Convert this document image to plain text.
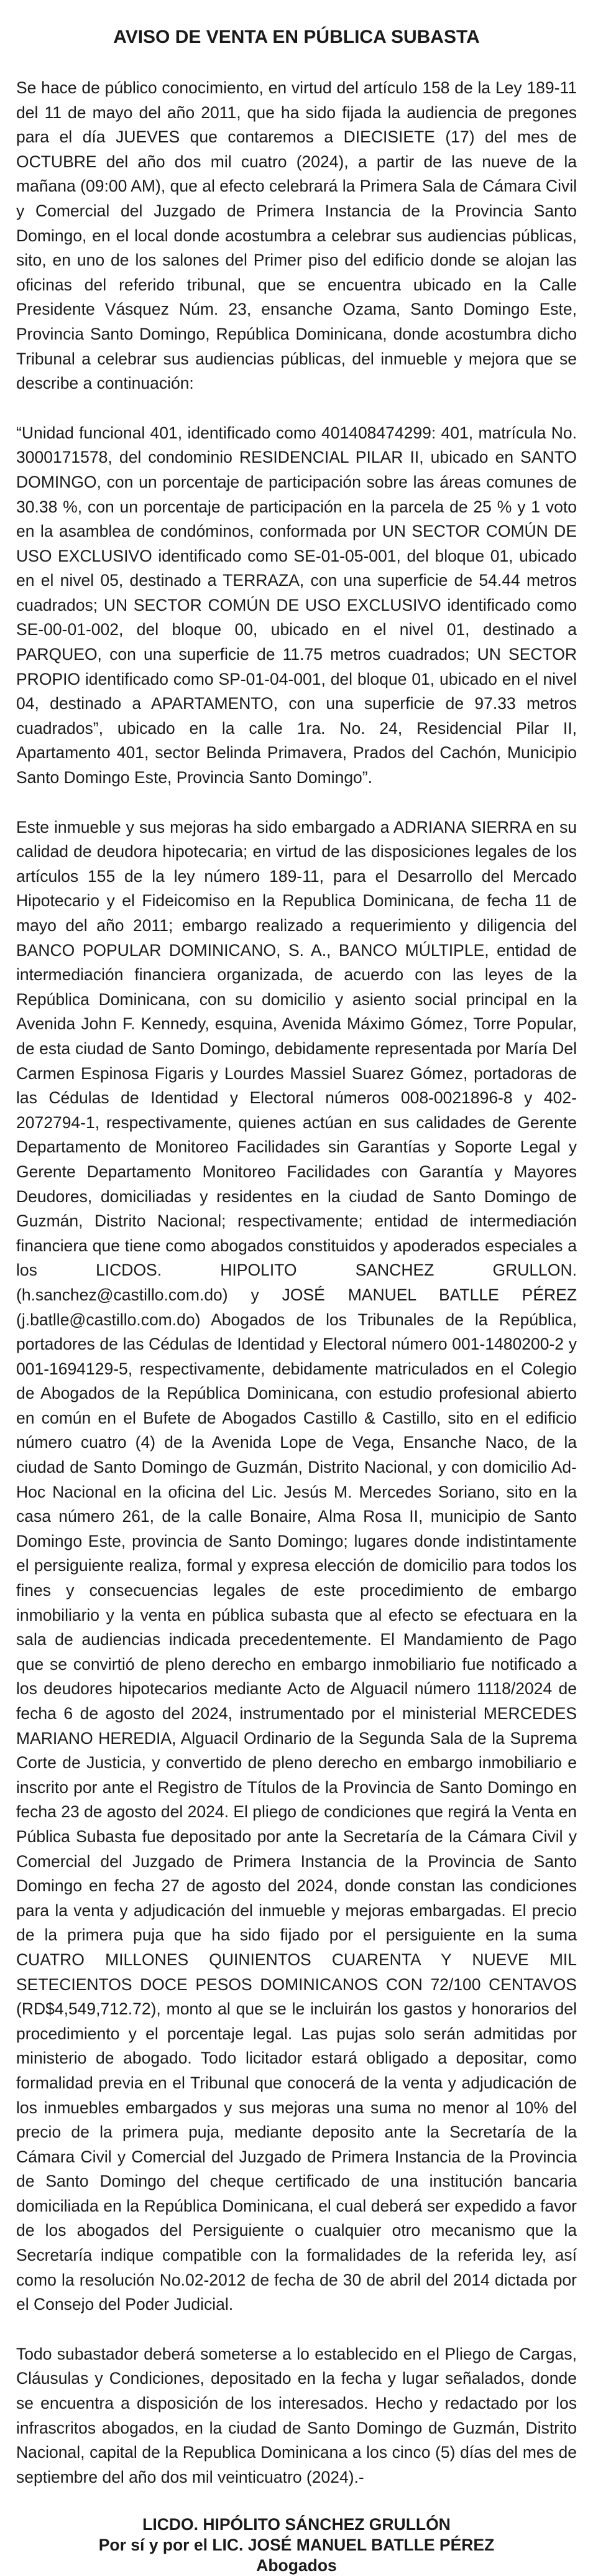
AVISO DE VENTA EN PÚBLICA SUBASTA

Se hace de público conocimiento, en virtud del artículo 158 de la Ley 189-11 del 11 de mayo del año 2011, que ha sido fijada la audiencia de pregones para el día JUEVES que contaremos a DIECISIETE (17) del mes de OCTUBRE del año dos mil cuatro (2024), a partir de las nueve de la mañana (09:00 AM), que al efecto celebrará la Primera Sala de Cámara Civil y Comercial del Juzgado de Primera Instancia de la Provincia Santo Domingo, en el local donde acostumbra a celebrar sus audiencias públicas, sito, en uno de los salones del Primer piso del edificio donde se alojan las oficinas del referido tribunal, que se encuentra ubicado en la Calle Presidente Vásquez Núm. 23, ensanche Ozama, Santo Domingo Este, Provincia Santo Domingo, República Dominicana, donde acostumbra dicho Tribunal a celebrar sus audiencias públicas, del inmueble y mejora que se describe a continuación:

“Unidad funcional 401, identificado como 401408474299: 401, matrícula No. 3000171578, del condominio RESIDENCIAL PILAR II, ubicado en SANTO DOMINGO, con un porcentaje de participación sobre las áreas comunes de 30.38 %, con un porcentaje de participación en la parcela de 25 % y 1 voto en la asamblea de condóminos, conformada por UN SECTOR COMÚN DE USO EXCLUSIVO identificado como SE-01-05-001, del bloque 01, ubicado en el nivel 05, destinado a TERRAZA, con una superficie de 54.44 metros cuadrados; UN SECTOR COMÚN DE USO EXCLUSIVO identificado como SE-00-01-002, del bloque 00, ubicado en el nivel 01, destinado a PARQUEO, con una superficie de 11.75 metros cuadrados; UN SECTOR PROPIO identificado como SP-01-04-001, del bloque 01, ubicado en el nivel 04, destinado a APARTAMENTO, con una superficie de 97.33 metros cuadrados”, ubicado en la calle 1ra. No. 24, Residencial Pilar II, Apartamento 401, sector Belinda Primavera, Prados del Cachón, Municipio Santo Domingo Este, Provincia Santo Domingo”.

Este inmueble y sus mejoras ha sido embargado a ADRIANA SIERRA en su calidad de deudora hipotecaria; en virtud de las disposiciones legales de los artículos 155 de la ley número 189-11, para el Desarrollo del Mercado Hipotecario y el Fideicomiso en la Republica Dominicana, de fecha 11 de mayo del año 2011; embargo realizado a requerimiento y diligencia del BANCO POPULAR DOMINICANO, S. A., BANCO MÚLTIPLE, entidad de intermediación financiera organizada, de acuerdo con las leyes de la República Dominicana, con su domicilio y asiento social principal en la Avenida John F. Kennedy, esquina, Avenida Máximo Gómez, Torre Popular, de esta ciudad de Santo Domingo, debidamente representada por María Del Carmen Espinosa Figaris y Lourdes Massiel Suarez Gómez, portadoras de las Cédulas de Identidad y Electoral números 008-0021896-8 y 402-2072794-1, respectivamente, quienes actúan en sus calidades de Gerente Departamento de Monitoreo Facilidades sin Garantías y Soporte Legal y Gerente Departamento Monitoreo Facilidades con Garantía y Mayores Deudores, domiciliadas y residentes en la ciudad de Santo Domingo de Guzmán, Distrito Nacional; respectivamente; entidad de intermediación financiera que tiene como abogados constituidos y apoderados especiales a los LICDOS. HIPOLITO SANCHEZ GRULLON. (h.sanchez@castillo.com.do) y JOSÉ MANUEL BATLLE PÉREZ (j.batlle@castillo.com.do) Abogados de los Tribunales de la República, portadores de las Cédulas de Identidad y Electoral número 001-1480200-2 y 001-1694129-5, respectivamente, debidamente matriculados en el Colegio de Abogados de la República Dominicana, con estudio profesional abierto en común en el Bufete de Abogados Castillo & Castillo, sito en el edificio número cuatro (4) de la Avenida Lope de Vega, Ensanche Naco, de la ciudad de Santo Domingo de Guzmán, Distrito Nacional, y con domicilio Ad-Hoc Nacional en la oficina del Lic. Jesús M. Mercedes Soriano, sito en la casa número 261, de la calle Bonaire, Alma Rosa II, municipio de Santo Domingo Este, provincia de Santo Domingo; lugares donde indistintamente el persiguiente realiza, formal y expresa elección de domicilio para todos los fines y consecuencias legales de este procedimiento de embargo inmobiliario y la venta en pública subasta que al efecto se efectuara en la sala de audiencias indicada precedentemente. El Mandamiento de Pago que se convirtió de pleno derecho en embargo inmobiliario fue notificado a los deudores hipotecarios mediante Acto de Alguacil número 1118/2024 de fecha 6 de agosto del 2024, instrumentado por el ministerial MERCEDES MARIANO HEREDIA, Alguacil Ordinario de la Segunda Sala de la Suprema Corte de Justicia, y convertido de pleno derecho en embargo inmobiliario e inscrito por ante el Registro de Títulos de la Provincia de Santo Domingo en fecha 23 de agosto del 2024. El pliego de condiciones que regirá la Venta en Pública Subasta fue depositado por ante la Secretaría de la Cámara Civil y Comercial del Juzgado de Primera Instancia de la Provincia de Santo Domingo en fecha 27 de agosto del 2024, donde constan las condiciones para la venta y adjudicación del inmueble y mejoras embargadas. El precio de la primera puja que ha sido fijado por el persiguiente en la suma CUATRO MILLONES QUINIENTOS CUARENTA Y NUEVE MIL SETECIENTOS DOCE PESOS DOMINICANOS CON 72/100 CENTAVOS (RD$4,549,712.72), monto al que se le incluirán los gastos y honorarios del procedimiento y el porcentaje legal. Las pujas solo serán admitidas por ministerio de abogado. Todo licitador estará obligado a depositar, como formalidad previa en el Tribunal que conocerá de la venta y adjudicación de los inmuebles embargados y sus mejoras una suma no menor al 10% del precio de la primera puja, mediante deposito ante la Secretaría de la Cámara Civil y Comercial del Juzgado de Primera Instancia de la Provincia de Santo Domingo del cheque certificado de una institución bancaria domiciliada en la República Dominicana, el cual deberá ser expedido a favor de los abogados del Persiguiente o cualquier otro mecanismo que la Secretaría indique compatible con la formalidades de la referida ley, así como la resolución No.02-2012 de fecha de 30 de abril del 2014 dictada por el Consejo del Poder Judicial.

Todo subastador deberá someterse a lo establecido en el Pliego de Cargas, Cláusulas y Condiciones, depositado en la fecha y lugar señalados, donde se encuentra a disposición de los interesados. Hecho y redactado por los infrascritos abogados, en la ciudad de Santo Domingo de Guzmán, Distrito Nacional, capital de la Republica Dominicana a los cinco (5) días del mes de septiembre del año dos mil veinticuatro (2024).-

LICDO. HIPÓLITO SÁNCHEZ GRULLÓN

Por sí y por el LIC. JOSÉ MANUEL BATLLE PÉREZ

Abogados
